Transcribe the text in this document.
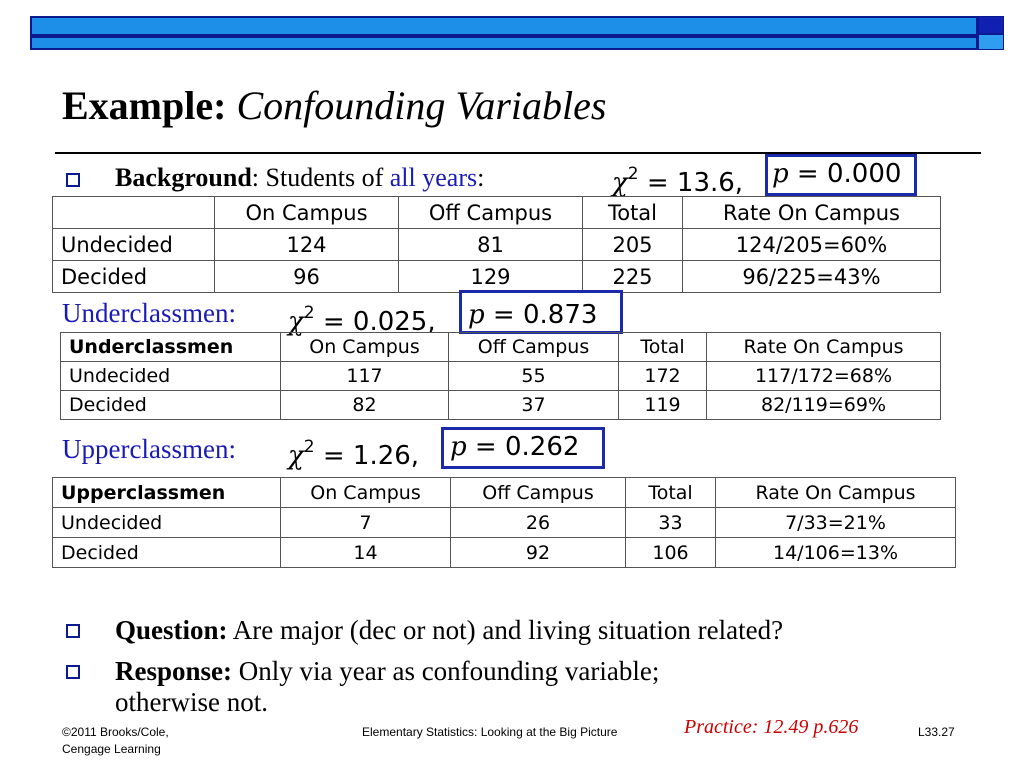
Example: Confounding Variables
Background: Students of all years:	$\chi^2 = 13.6$, p = 0.000
	On Campus	Off Campus	Total	Rate On Campus
Undecided	124	81	205	124/205=60%
Decided	96	129	225	96/225=43%
Underclassmen: $\chi^2 = 0.025$, p = 0.873
Underclassmen	On Campus	Off Campus	Total	Rate On Campus
Undecided	117	55	172	117/172=68%
Decided	82	37	119	82/119=69%
Upperclassmen: $\chi^2 = 1.26$, p = 0.262
Upperclassmen	On Campus	Off Campus	Total	Rate On Campus
Undecided	7	26	33	7/33=21%
Decided	14	92	106	14/106=13%
Question: Are major (dec or not) and living situation related?
Response: Only via year as confounding variable;
otherwise not.
©2011 Brooks/Cole,
Cengage Learning
Elementary Statistics: Looking at the Big Picture	Practice: 12.49 p.626	L33.27
